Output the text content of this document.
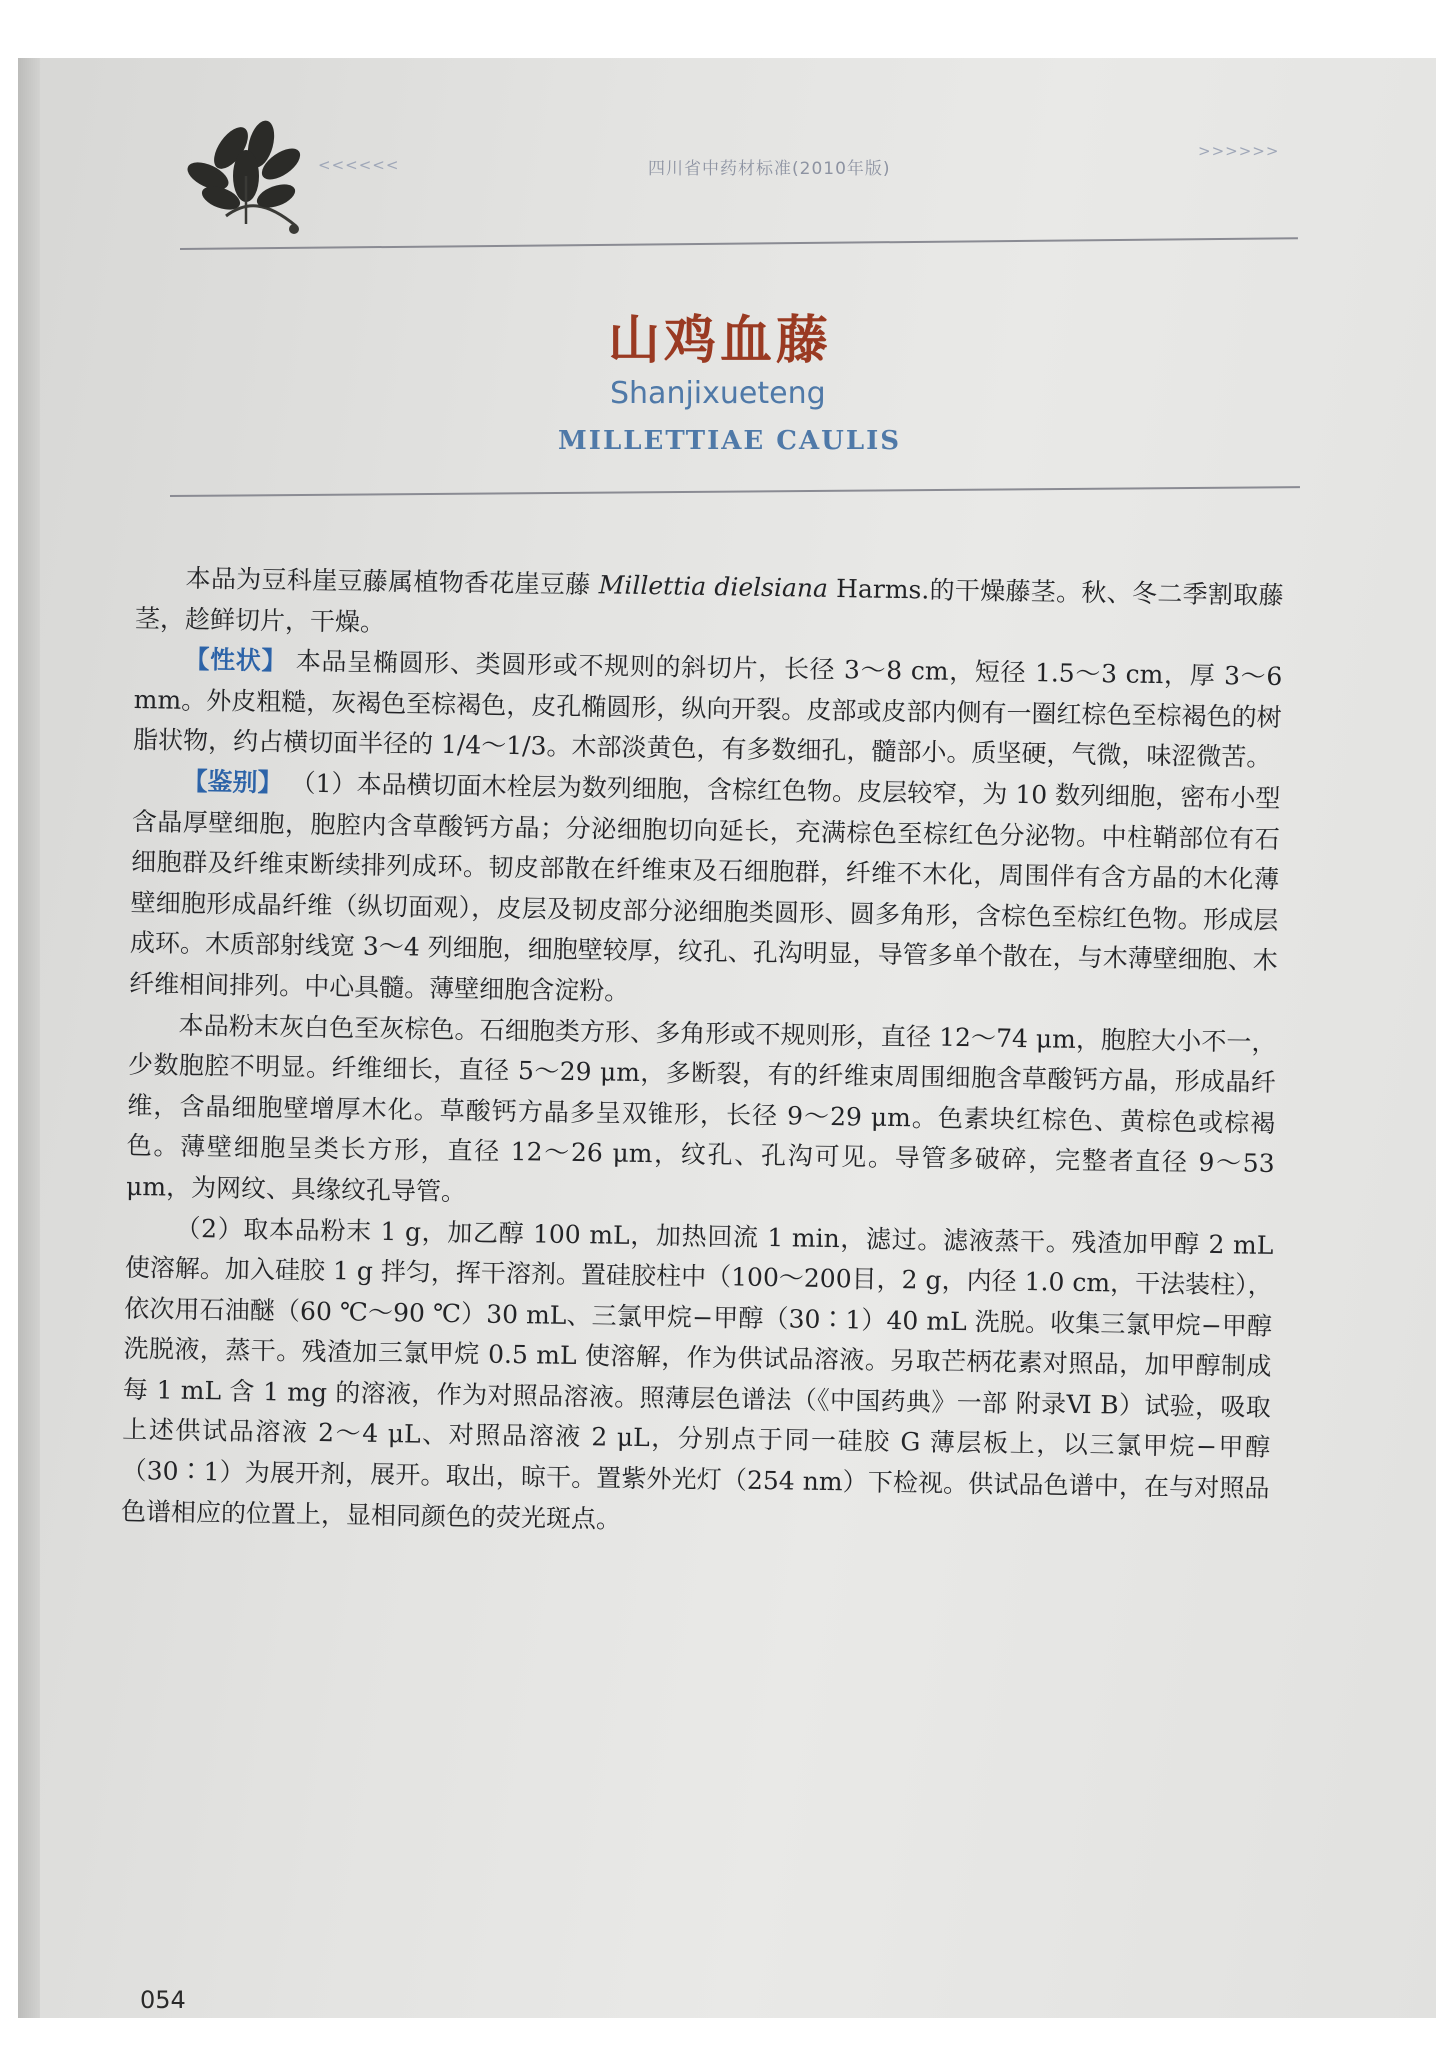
<<<<<<	四川省中药材标准(2010年版)
>>>>>>
山鸡血藤
Shanjixueteng
MILLETTIAE CAULIS

本品为豆科崖豆藤属植物香花崖豆藤 Millettia dielsiana Harms.的干燥藤茎。秋、冬二季割取藤茎，趁鲜切片，干燥。

【性状】 本品呈椭圆形、类圆形或不规则的斜切片，长径 3～8 cm，短径 1.5～3 cm，厚 3～6 mm。外皮粗糙，灰褐色至棕褐色，皮孔椭圆形，纵向开裂。皮部或皮部内侧有一圈红棕色至棕褐色的树脂状物，约占横切面半径的 1/4～1/3。木部淡黄色，有多数细孔，髓部小。质坚硬，气微，味涩微苦。

【鉴别】 （1）本品横切面木栓层为数列细胞，含棕红色物。皮层较窄，为 10 数列细胞，密布小型含晶厚壁细胞，胞腔内含草酸钙方晶；分泌细胞切向延长，充满棕色至棕红色分泌物。中柱鞘部位有石细胞群及纤维束断续排列成环。韧皮部散在纤维束及石细胞群，纤维不木化，周围伴有含方晶的木化薄壁细胞形成晶纤维（纵切面观），皮层及韧皮部分泌细胞类圆形、圆多角形，含棕色至棕红色物。形成层成环。木质部射线宽 3～4 列细胞，细胞壁较厚，纹孔、孔沟明显，导管多单个散在，与木薄壁细胞、木纤维相间排列。中心具髓。薄壁细胞含淀粉。

本品粉末灰白色至灰棕色。石细胞类方形、多角形或不规则形，直径 12～74 μm，胞腔大小不一，少数胞腔不明显。纤维细长，直径 5～29 μm，多断裂，有的纤维束周围细胞含草酸钙方晶，形成晶纤维，含晶细胞壁增厚木化。草酸钙方晶多呈双锥形，长径 9～29 μm。色素块红棕色、黄棕色或棕褐色。薄壁细胞呈类长方形，直径 12～26 μm，纹孔、孔沟可见。导管多破碎，完整者直径 9～53 μm，为网纹、具缘纹孔导管。

（2）取本品粉末 1 g，加乙醇 100 mL，加热回流 1 min，滤过。滤液蒸干。残渣加甲醇 2 mL 使溶解。加入硅胶 1 g 拌匀，挥干溶剂。置硅胶柱中（100～200目，2 g，内径 1.0 cm，干法装柱），依次用石油醚（60 ℃～90 ℃）30 mL、三氯甲烷−甲醇（30∶1）40 mL 洗脱。收集三氯甲烷−甲醇洗脱液，蒸干。残渣加三氯甲烷 0.5 mL 使溶解，作为供试品溶液。另取芒柄花素对照品，加甲醇制成每 1 mL 含 1 mg 的溶液，作为对照品溶液。照薄层色谱法（《中国药典》一部 附录Ⅵ B）试验，吸取上述供试品溶液 2～4 μL、对照品溶液 2 μL，分别点于同一硅胶 G 薄层板上，以三氯甲烷−甲醇（30∶1）为展开剂，展开。取出，晾干。置紫外光灯（254 nm）下检视。供试品色谱中，在与对照品色谱相应的位置上，显相同颜色的荧光斑点。

054
